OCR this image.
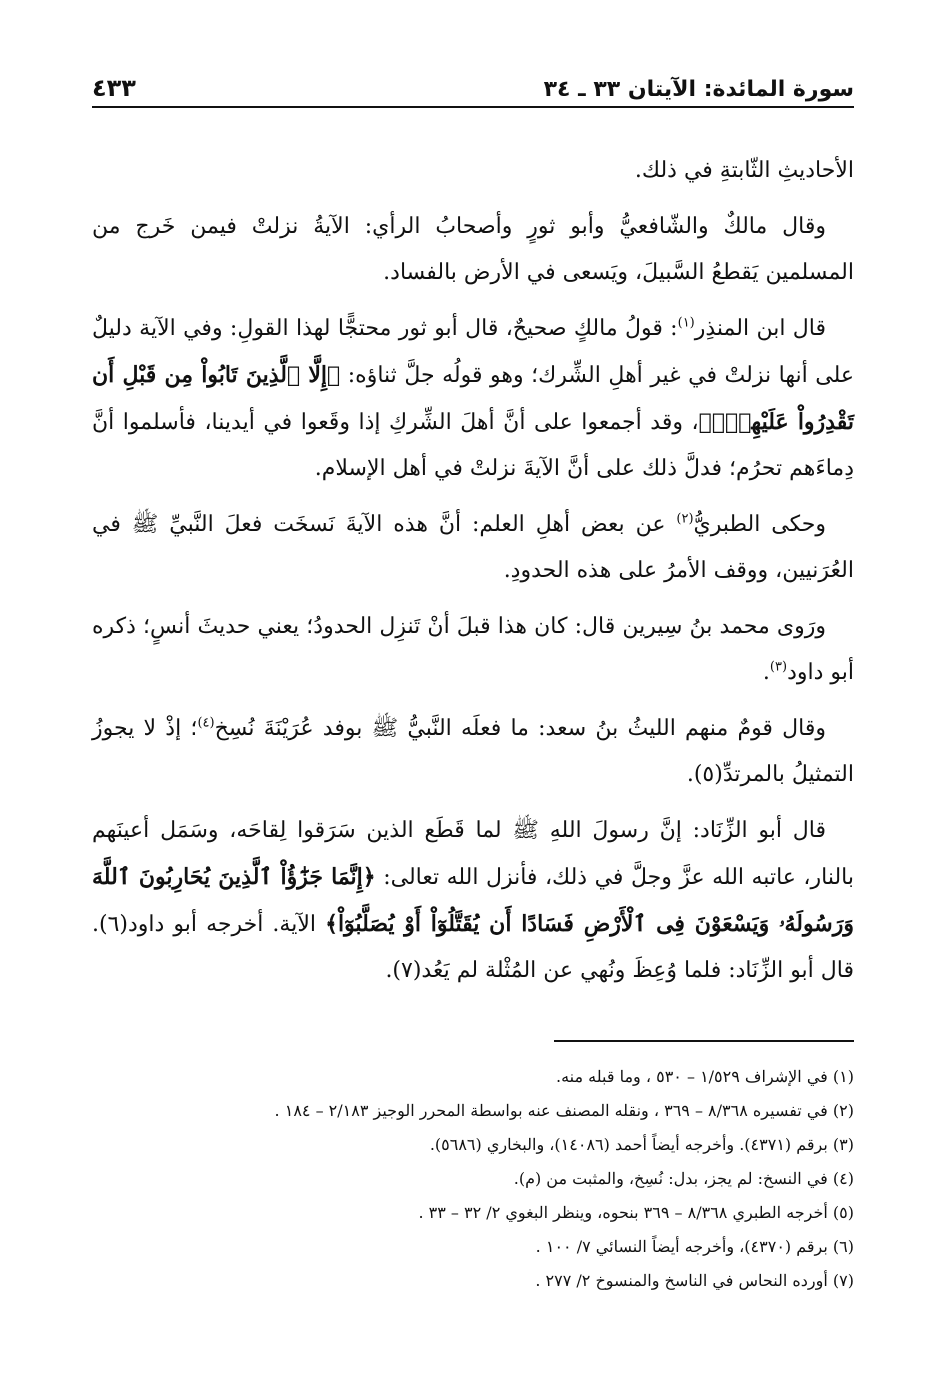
سورة المائدة: الآيتان ٣٣ ـ ٣٤
٤٣٣

الأحاديثِ الثّابتةِ في ذلك.

وقال مالكٌ والشّافعيُّ وأبو ثورٍ وأصحابُ الرأي: الآيةُ نزلتْ فيمن خَرج من المسلمين يَقطعُ السَّبيلَ، ويَسعى في الأرض بالفساد.

قال ابن المنذِر$^{(١)}$: قولُ مالكٍ صحيحٌ، قال أبو ثور محتجًّا لهذا القولِ: وفي الآية دليلٌ على أنها نزلتْ في غير أهلِ الشِّرك؛ وهو قولُه جلَّ ثناؤه: ﴿إِلَّا ٱلَّذِينَ تَابُواْ مِن قَبْلِ أَن تَقْدِرُواْ عَلَيْهِمْۖ﴾، وقد أجمعوا على أنَّ أهلَ الشِّركِ إذا وقَعوا في أيدينا، فأسلموا أنَّ دِماءَهم تحرُم؛ فدلَّ ذلك على أنَّ الآيةَ نزلتْ في أهل الإسلام.

وحكى الطبريُّ$^{(٢)}$ عن بعض أهلِ العلم: أنَّ هذه الآيةَ نَسخَت فعلَ النَّبيِّ ﷺ في العُرَنيين، ووقف الأمرُ على هذه الحدودِ.

ورَوى محمد بنُ سِيرين قال: كان هذا قبلَ أنْ تَنزِل الحدودُ؛ يعني حديثَ أنسٍ؛ ذكره أبو داود$^{(٣)}$.

وقال قومٌ منهم الليثُ بنُ سعد: ما فعلَه النَّبيُّ ﷺ بوفد عُرَيْنَةَ نُسِخ$^{(٤)}$؛ إذْ لا يجوزُ التمثيلُ بالمرتدِّ(٥).

قال أبو الزِّنَاد: إنَّ رسولَ اللهِ ﷺ لما قَطَع الذين سَرَقوا لِقاحَه، وسَمَل أعينَهم بالنار، عاتبه الله عزَّ وجلَّ في ذلك، فأنزل الله تعالى: ﴿إِنَّمَا جَزَٰٓؤُاْ ٱلَّذِينَ يُحَارِبُونَ ٱللَّهَ وَرَسُولَهُۥ وَيَسْعَوْنَ فِى ٱلْأَرْضِ فَسَادًا أَن يُقَتَّلُوٓاْ أَوْ يُصَلَّبُوٓاْ﴾ الآية. أخرجه أبو داود(٦). قال أبو الزِّنَاد: فلما وُعِظَ ونُهي عن المُثْلة لم يَعُد(٧).

(١) في الإشراف ١/٥٢٩ – ٥٣٠ ، وما قبله منه.
(٢) في تفسيره ٨/٣٦٨ – ٣٦٩ ، ونقله المصنف عنه بواسطة المحرر الوجيز ٢/١٨٣ – ١٨٤ .
(٣) برقم (٤٣٧١). وأخرجه أيضاً أحمد (١٤٠٨٦)، والبخاري (٥٦٨٦).
(٤) في النسخ: لم يجز، بدل: نُسِخ، والمثبت من (م).
(٥) أخرجه الطبري ٨/٣٦٨ – ٣٦٩ بنحوه، وينظر البغوي ٢/ ٣٢ – ٣٣ .
(٦) برقم (٤٣٧٠)، وأخرجه أيضاً النسائي ٧/ ١٠٠ .
(٧) أورده النحاس في الناسخ والمنسوخ ٢/ ٢٧٧ .
